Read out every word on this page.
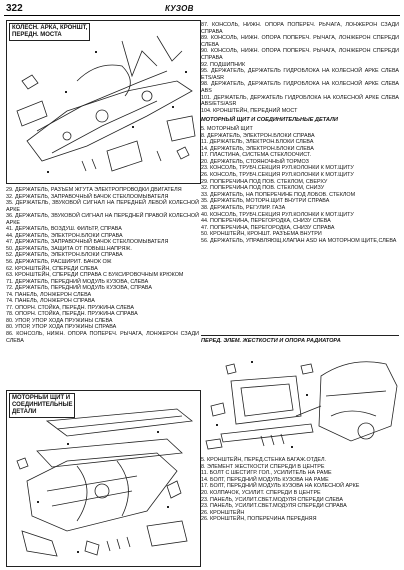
322	КУЗОВ
КОЛЕСН. АРКА, КРОНШТ,
ПЕРЕДН. МОСТА

29. ДЕРЖАТЕЛЬ, РАЗЪЕМ ЖГУТА ЭЛЕКТРОПРОВОДКИ ДВИГАТЕЛЯ

32. ДЕРЖАТЕЛЬ, ЗАПРАВОЧНЫЙ БАЧОК СТЕКЛООМЫВАТЕЛЯ

35. ДЕРЖАТЕЛЬ, ЗВУКОВОЙ СИГНАЛ НА ПЕРЕДНЕЙ ЛЕВОЙ КОЛЕСНОЙ АРКЕ

36. ДЕРЖАТЕЛЬ, ЗВУКОВОЙ СИГНАЛ НА ПЕРЕДНЕЙ ПРАВОЙ КОЛЕСНОЙ АРКЕ

41. ДЕРЖАТЕЛЬ, ВОЗДУШ. ФИЛЬТР, СПРАВА

44. ДЕРЖАТЕЛЬ, ЭЛЕКТРОН.БЛОКИ СПРАВА

47. ДЕРЖАТЕЛЬ, ЗАПРАВОЧНЫЙ БАЧОК СТЕКЛООМЫВАТЕЛЯ

50. ДЕРЖАТЕЛЬ, ЗАЩИТА ОТ ПОВЫШ.НАПРЯЖ.

52. ДЕРЖАТЕЛЬ, ЭЛЕКТРОН.БЛОКИ СПРАВА

56. ДЕРЖАТЕЛЬ, РАСШИРИТ. БАЧОК ОЖ

62. КРОНШТЕЙН, СПЕРЕДИ СЛЕВА

63. КРОНШТЕЙН, СПЕРЕДИ СПРАВА С БУКСИРОВОЧНЫМ КРЮКОМ

71. ДЕРЖАТЕЛЬ, ПЕРЕДНИЙ МОДУЛЬ КУЗОВА, СЛЕВА

72. ДЕРЖАТЕЛЬ, ПЕРЕДНИЙ МОДУЛЬ КУЗОВА, СПРАВА

74. ПАНЕЛЬ, ЛОНЖЕРОН СЛЕВА

74. ПАНЕЛЬ, ЛОНЖЕРОН СПРАВА

77. ОПОРН. СТОЙКА, ПЕРЕДН. ПРУЖИНА СЛЕВА

78. ОПОРН. СТОЙКА, ПЕРЕДН. ПРУЖИНА СПРАВА

80. УПОР, УПОР ХОДА ПРУЖИНЫ СЛЕВА

80. УПОР, УПОР ХОДА ПРУЖИНЫ СПРАВА

86. КОНСОЛЬ, НИЖН. ОПОРА ПОПЕРЕЧ. РЫЧАГА, ЛОНЖЕРОН СЗАДИ СЛЕВА

МОТОРНЫЙ ЩИТ И
СОЕДИНИТЕЛЬНЫЕ
ДЕТАЛИ

87. КОНСОЛЬ, НИЖН. ОПОРА ПОПЕРЕЧ. РЫЧАГА, ЛОНЖЕРОН СЗАДИ СПРАВА

89. КОНСОЛЬ, НИЖН. ОПОРА ПОПЕРЕЧ. РЫЧАГА, ЛОНЖЕРОН СПЕРЕДИ СЛЕВА

90. КОНСОЛЬ, НИЖН. ОПОРА ПОПЕРЕЧ. РЫЧАГА, ЛОНЖЕРОН СПЕРЕДИ СПРАВА

92. ПОДШИПНИК

95. ДЕРЖАТЕЛЬ, ДЕРЖАТЕЛЬ ГИДРОБЛОКА НА КОЛЕСНОЙ АРКЕ СЛЕВА ETS/ASR

98. ДЕРЖАТЕЛЬ, ДЕРЖАТЕЛЬ ГИДРОБЛОКА НА КОЛЕСНОЙ АРКЕ СЛЕВА ABS

101. ДЕРЖАТЕЛЬ, ДЕРЖАТЕЛЬ ГИДРОБЛОКА НА КОЛЕСНОЙ АРКЕ СЛЕВА ABS/ETS/ASR

104. КРОНШТЕЙН, ПЕРЕДНИЙ МОСТ

МОТОРНЫЙ ЩИТ И СОЕДИНИТЕЛЬНЫЕ ДЕТАЛИ

5. МОТОРНЫЙ ЩИТ

8. ДЕРЖАТЕЛЬ, ЭЛЕКТРОН.БЛОКИ СПРАВА

11. ДЕРЖАТЕЛЬ, ЭЛЕКТРОН.БЛОКИ СЛЕВА

14. ДЕРЖАТЕЛЬ, ЭЛЕКТРОН.БЛОКИ СЛЕВА

17. ПЛАСТИНА, СИСТЕМА СТЕКЛООЧИСТ.

20. ДЕРЖАТЕЛЬ, СТОЯНОЧНЫЙ ТОРМОЗ

23. КОНСОЛЬ, ТРУБЧ.СЕКЦИЯ РУЛ.КОЛОНКИ К МОТ.ЩИТУ

26. КОНСОЛЬ, ТРУБЧ.СЕКЦИЯ РУЛ.КОЛОНКИ К МОТ.ЩИТУ

29. ПОПЕРЕЧИНА ПОД ПОВ. СТЕКЛОМ, СВЕРХУ

32. ПОПЕРЕЧИНА ПОД ПОВ. СТЕКЛОМ, СНИЗУ

33. ДЕРЖАТЕЛЬ, НА ПОПЕРЕЧИНЕ ПОД ЛОБОВ. СТЕКЛОМ

35. ДЕРЖАТЕЛЬ, МОТОРН.ЩИТ ВНУТРИ СПРАВА

38. ДЕРЖАТЕЛЬ, РЕГУЛИР. ГАЗА

40. КОНСОЛЬ, ТРУБЧ.СЕКЦИЯ РУЛ.КОЛОНКИ К МОТ.ЩИТУ

44. ПОПЕРЕЧИНА, ПЕРЕГОРОДКА, СНИЗУ СЛЕВА

47. ПОПЕРЕЧИНА, ПЕРЕГОРОДКА, СНИЗУ СПРАВА

50. КРОНШТЕЙН, КРОНШТ. РАЗЪЕМА ВНУТРИ

56. ДЕРЖАТЕЛЬ, УПРАВЛЯЮЩ.КЛАПАН ASD НА МОТОРНОМ ЩИТЕ,СЛЕВА

ПЕРЕД. ЭЛЕМ. ЖЕСТКОСТИ И ОПОРА РАДИАТОРА

5. КРОНШТЕЙН, ПЕРЕД.СТЕНКА БАГАЖ.ОТДЕЛ.

8. ЭЛЕМЕНТ ЖЕСТКОСТИ СПЕРЕДИ В ЦЕНТРЕ

11. БОЛТ С ШЕСТИГР. ГОЛ., УСИЛИТЕЛЬ НА РАМЕ

14. БОЛТ, ПЕРЕДНИЙ МОДУЛЬ КУЗОВА НА РАМЕ

17. БОЛТ, ПЕРЕДНИЙ МОДУЛЬ КУЗОВА НА КОЛЕСНОЙ АРКЕ

20. КОЛПАЧОК, УСИЛИТ. СПЕРЕДИ В ЦЕНТРЕ

23. ПАНЕЛЬ, УСИЛИТ.СВЕТ.МОДУЛЯ СПЕРЕДИ СЛЕВА

23. ПАНЕЛЬ, УСИЛИТ.СВЕТ.МОДУЛЯ СПЕРЕДИ СПРАВА

26. КРОНШТЕЙН

26. КРОНШТЕЙН, ПОПЕРЕЧИНА ПЕРЕДНЯЯ
